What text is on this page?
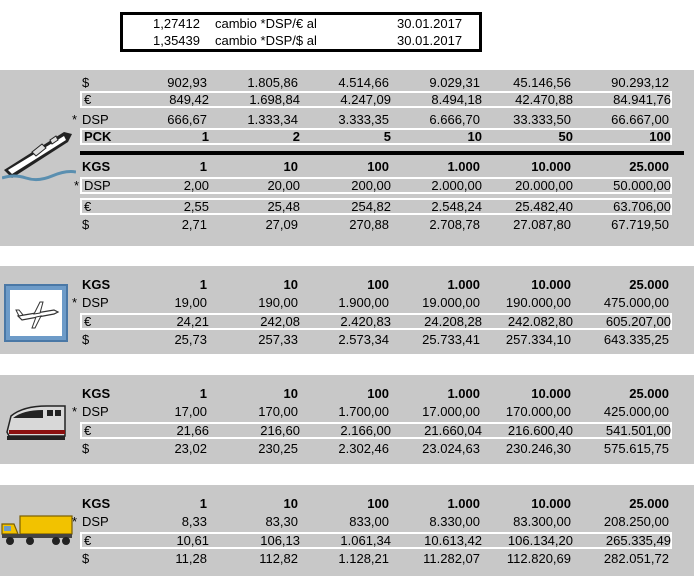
1,27412 cambio *DSP/€ al	30.01.2017
1,35439 cambio *DSP/$ al	30.01.2017
$	902,93	1.805,86	4.514,66	9.029,31	45.146,56	90.293,12
€	849,42	1.698,84	4.247,09	8.494,18	42.470,88	84.941,76
* DSP	666,67	1.333,34	3.333,35	6.666,70	33.333,50	66.667,00
PCK	1	2	5	10	50	100
KGS	1	10	100	1.000	10.000	25.000
* DSP	2,00	20,00	200,00	2.000,00	20.000,00	50.000,00
€	2,55	25,48	254,82	2.548,24	25.482,40	63.706,00
$	2,71	27,09	270,88	2.708,78	27.087,80	67.719,50
KGS	1	10	100	1.000	10.000	25.000
* DSP	19,00	190,00	1.900,00	19.000,00	190.000,00	475.000,00
€	24,21	242,08	2.420,83	24.208,28	242.082,80	605.207,00
$	25,73	257,33	2.573,34	25.733,41	257.334,10	643.335,25
KGS	1	10	100	1.000	10.000	25.000
* DSP	17,00	170,00	1.700,00	17.000,00	170.000,00	425.000,00
€	21,66	216,60	2.166,00	21.660,04	216.600,40	541.501,00
$	23,02	230,25	2.302,46	23.024,63	230.246,30	575.615,75
KGS	1	10	100	1.000	10.000	25.000
* DSP	8,33	83,30	833,00	8.330,00	83.300,00	208.250,00
€	10,61	106,13	1.061,34	10.613,42	106.134,20	265.335,49
$	11,28	112,82	1.128,21	11.282,07	112.820,69	282.051,72
